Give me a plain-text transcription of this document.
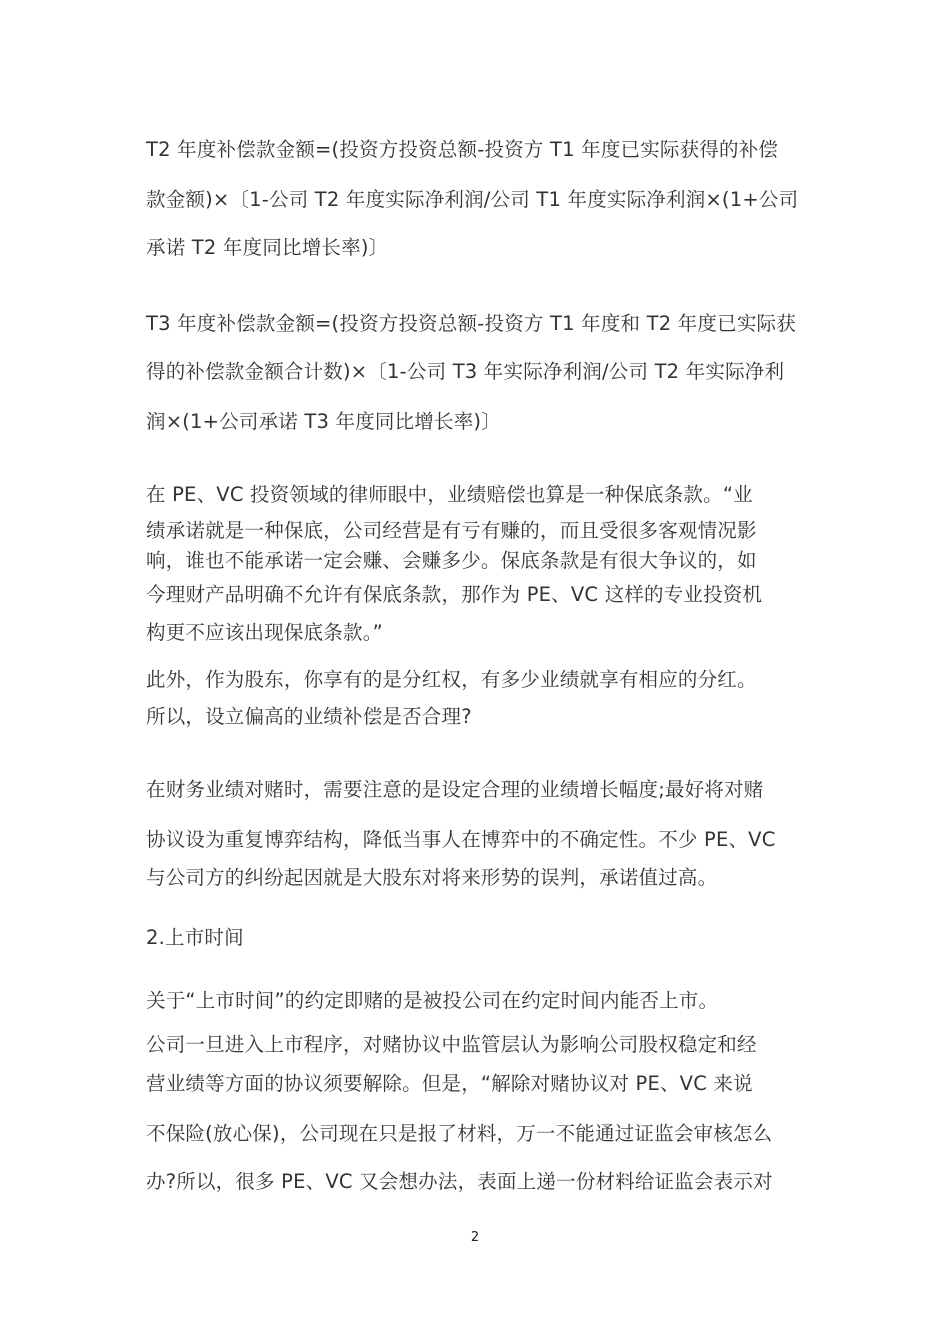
T2 年度补偿款金额=(投资方投资总额-投资方 T1 年度已实际获得的补偿
款金额)×〔1-公司 T2 年度实际净利润/公司 T1 年度实际净利润×(1+公司
承诺 T2 年度同比增长率)〕
T3 年度补偿款金额=(投资方投资总额-投资方 T1 年度和 T2 年度已实际获
得的补偿款金额合计数)×〔1-公司 T3 年实际净利润/公司 T2 年实际净利
润×(1+公司承诺 T3 年度同比增长率)〕
在 PE、VC 投资领域的律师眼中，业绩赔偿也算是一种保底条款。“业
绩承诺就是一种保底，公司经营是有亏有赚的，而且受很多客观情况影
响，谁也不能承诺一定会赚、会赚多少。保底条款是有很大争议的，如
今理财产品明确不允许有保底条款，那作为 PE、VC 这样的专业投资机
构更不应该出现保底条款。”
此外，作为股东，你享有的是分红权，有多少业绩就享有相应的分红。
所以，设立偏高的业绩补偿是否合理?
在财务业绩对赌时，需要注意的是设定合理的业绩增长幅度;最好将对赌
协议设为重复博弈结构，降低当事人在博弈中的不确定性。不少 PE、VC
与公司方的纠纷起因就是大股东对将来形势的误判，承诺值过高。
2.上市时间
关于“上市时间”的约定即赌的是被投公司在约定时间内能否上市。
公司一旦进入上市程序，对赌协议中监管层认为影响公司股权稳定和经
营业绩等方面的协议须要解除。但是，“解除对赌协议对 PE、VC 来说
不保险(放心保)，公司现在只是报了材料，万一不能通过证监会审核怎么
办?所以，很多 PE、VC 又会想办法，表面上递一份材料给证监会表示对
2
